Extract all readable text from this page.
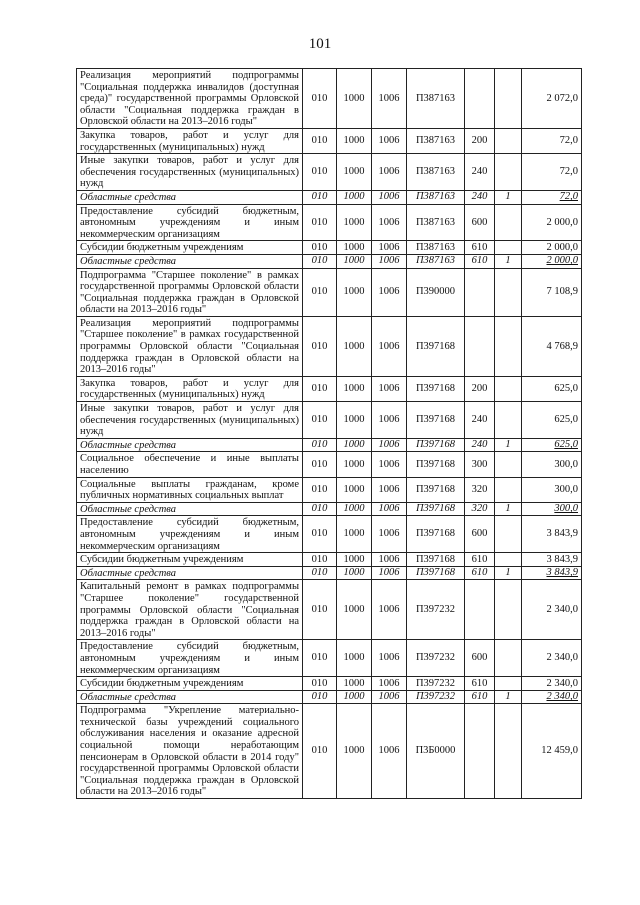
101
Реализация мероприятий подпрограммы "Социальная поддержка инвалидов (доступная среда)" государственной программы Орловской области "Социальная поддержка граждан в Орловской области на 2013–2016 годы"	010	1000	1006	П387163			2 072,0
Закупка товаров, работ и услуг для государственных (муниципальных) нужд	010	1000	1006	П387163	200		72,0
Иные закупки товаров, работ и услуг для обеспечения государственных (муниципальных) нужд	010	1000	1006	П387163	240		72,0
Областные средства	010	1000	1006	П387163	240	1	72,0
Предоставление субсидий бюджетным, автономным учреждениям и иным некоммерческим организациям	010	1000	1006	П387163	600		2 000,0
Субсидии бюджетным учреждениям	010	1000	1006	П387163	610		2 000,0
Областные средства	010	1000	1006	П387163	610	1	2 000,0
Подпрограмма "Старшее поколение" в рамках государственной программы Орловской области "Социальная поддержка граждан в Орловской области на 2013–2016 годы"	010	1000	1006	П390000			7 108,9
Реализация мероприятий подпрограммы "Старшее поколение" в рамках государственной программы Орловской области "Социальная поддержка граждан в Орловской области на 2013–2016 годы"	010	1000	1006	П397168			4 768,9
Закупка товаров, работ и услуг для государственных (муниципальных) нужд	010	1000	1006	П397168	200		625,0
Иные закупки товаров, работ и услуг для обеспечения государственных (муниципальных) нужд	010	1000	1006	П397168	240		625,0
Областные средства	010	1000	1006	П397168	240	1	625,0
Социальное обеспечение и иные выплаты населению	010	1000	1006	П397168	300		300,0
Социальные выплаты гражданам, кроме публичных нормативных социальных выплат	010	1000	1006	П397168	320		300,0
Областные средства	010	1000	1006	П397168	320	1	300,0
Предоставление субсидий бюджетным, автономным учреждениям и иным некоммерческим организациям	010	1000	1006	П397168	600		3 843,9
Субсидии бюджетным учреждениям	010	1000	1006	П397168	610		3 843,9
Областные средства	010	1000	1006	П397168	610	1	3 843,9
Капитальный ремонт в рамках подпрограммы "Старшее поколение" государственной программы Орловской области "Социальная поддержка граждан в Орловской области на 2013–2016 годы"	010	1000	1006	П397232			2 340,0
Предоставление субсидий бюджетным, автономным учреждениям и иным некоммерческим организациям	010	1000	1006	П397232	600		2 340,0
Субсидии бюджетным учреждениям	010	1000	1006	П397232	610		2 340,0
Областные средства	010	1000	1006	П397232	610	1	2 340,0
Подпрограмма "Укрепление материально-технической базы учреждений социального обслуживания населения и оказание адресной социальной помощи неработающим пенсионерам в Орловской области в 2014 году" государственной программы Орловской области "Социальная поддержка граждан в Орловской области на 2013–2016 годы"	010	1000	1006	П3Б0000			12 459,0
